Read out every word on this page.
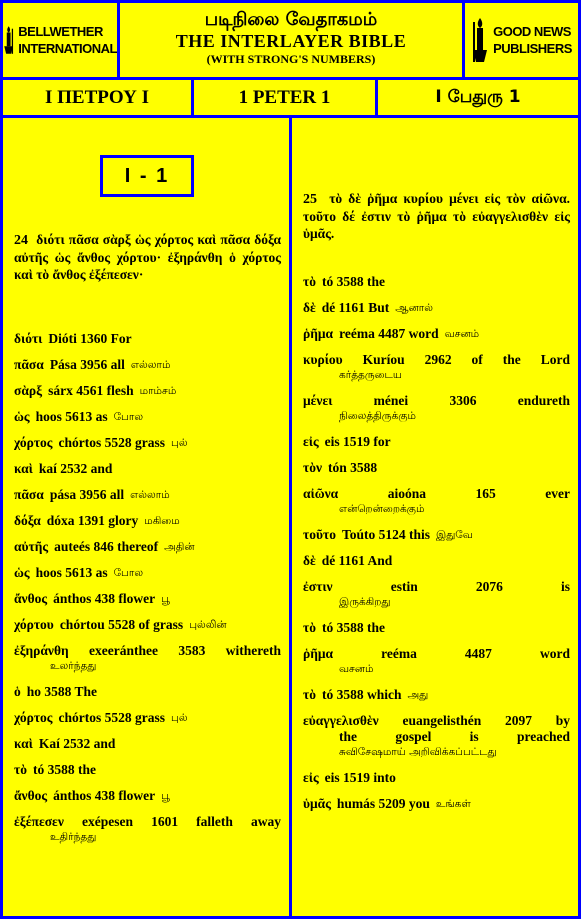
BELLWETHER
INTERNATIONAL
படிநிலை வேதாகமம்
THE INTERLAYER BIBLE
(WITH STRONG'S NUMBERS)
GOOD NEWS
PUBLISHERS
Ι ΠΕΤΡΟΥ Ι	1 PETER 1	I பேதுரு 1
I - 1
24 διότι πᾶσα σὰρξ ὡς χόρτος καὶ πᾶσα δόξα αὐτῆς ὡς ἄνθος χόρτου· ἐξηράνθη ὁ χόρτος καὶ τὸ ἄνθος ἐξέπεσεν·
διότι Dióti 1360 For
πᾶσα Pása 3956 all எல்லாம்
σὰρξ sárx 4561 flesh மாம்சம்
ὡς hoos 5613 as போல
χόρτος chórtos 5528 grass புல்
καὶ kaí 2532 and
πᾶσα pása 3956 all எல்லாம்
δόξα dóxa 1391 glory மகிமை
αὐτῆς auteés 846 thereof அதின்
ὡς hoos 5613 as போல
ἄνθος ánthos 438 flower பூ
χόρτου chórtou 5528 of grass புல்லின்
ἐξηράνθη exeeránthee 3583 withereth
உலர்ந்தது
ὁ ho 3588 The
χόρτος chórtos 5528 grass புல்
καὶ Kaí 2532 and
τὸ tó 3588 the
ἄνθος ánthos 438 flower பூ
ἐξέπεσεν exépesen 1601 falleth away
உதிர்ந்தது
25 τὸ δὲ ῥῆμα κυρίου μένει εἰς τὸν αἰῶνα. τοῦτο δέ ἐστιν τὸ ῥῆμα τὸ εὐαγγελισθὲν εἰς ὑμᾶς.
τὸ tó 3588 the
δὲ dé 1161 But ஆனால்
ῥῆμα reéma 4487 word வசனம்
κυρίου Kuríou 2962 of the Lord
கர்த்தருடைய
μένει	ménei	3306	endureth
நிலைத்திருக்கும்
εἰς eis 1519 for
τὸν tón 3588
αἰῶνα	aioóna	165	ever
என்றென்றைக்கும்
τοῦτο Toúto 5124 this இதுவே
δὲ dé 1161 And
ἐστιν	estin	2076	is
இருக்கிறது
τὸ tó 3588 the
ῥῆμα	reéma	4487	word
வசனம்
τὸ tó 3588 which அது
εὐαγγελισθὲν euangelisthén 2097 by
the	gospel	is	preached
சுவிசேஷமாய் அறிவிக்கப்பட்டது
εἰς eis 1519 into
ὑμᾶς humás 5209 you உங்கள்
